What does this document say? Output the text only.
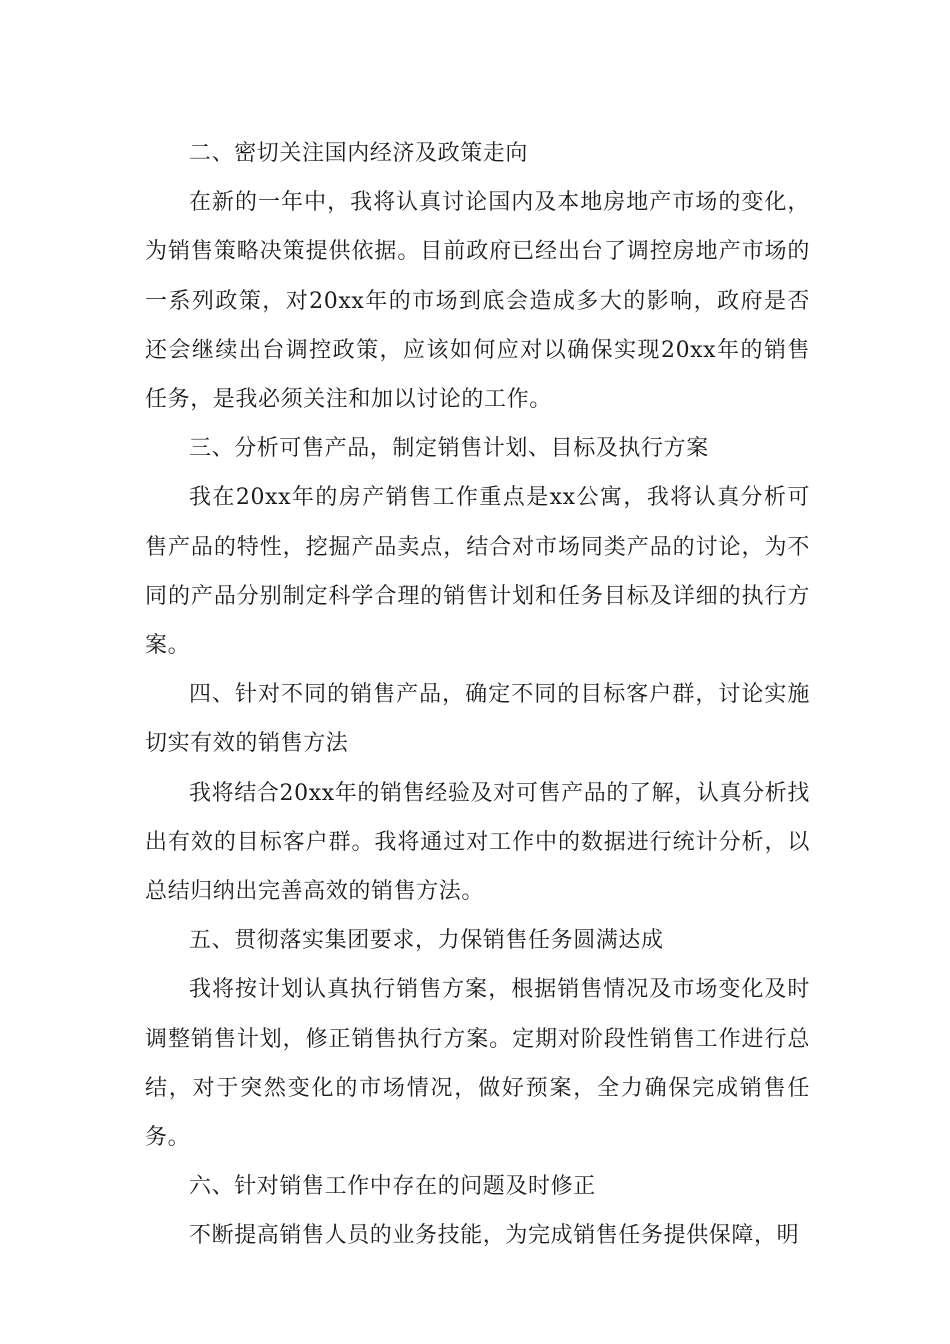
二、密切关注国内经济及政策走向

在新的一年中，我将认真讨论国内及本地房地产市场的变化，为销售策略决策提供依据。目前政府已经出台了调控房地产市场的一系列政策，对20xx年的市场到底会造成多大的影响，政府是否还会继续出台调控政策，应该如何应对以确保实现20xx年的销售任务，是我必须关注和加以讨论的工作。

三、分析可售产品，制定销售计划、目标及执行方案

我在20xx年的房产销售工作重点是xx公寓，我将认真分析可售产品的特性，挖掘产品卖点，结合对市场同类产品的讨论，为不同的产品分别制定科学合理的销售计划和任务目标及详细的执行方案。

四、针对不同的销售产品，确定不同的目标客户群，讨论实施切实有效的销售方法

我将结合20xx年的销售经验及对可售产品的了解，认真分析找出有效的目标客户群。我将通过对工作中的数据进行统计分析，以总结归纳出完善高效的销售方法。

五、贯彻落实集团要求，力保销售任务圆满达成

我将按计划认真执行销售方案，根据销售情况及市场变化及时调整销售计划，修正销售执行方案。定期对阶段性销售工作进行总结，对于突然变化的市场情况，做好预案，全力确保完成销售任务。

六、针对销售工作中存在的问题及时修正

不断提高销售人员的业务技能，为完成销售任务提供保障，明
